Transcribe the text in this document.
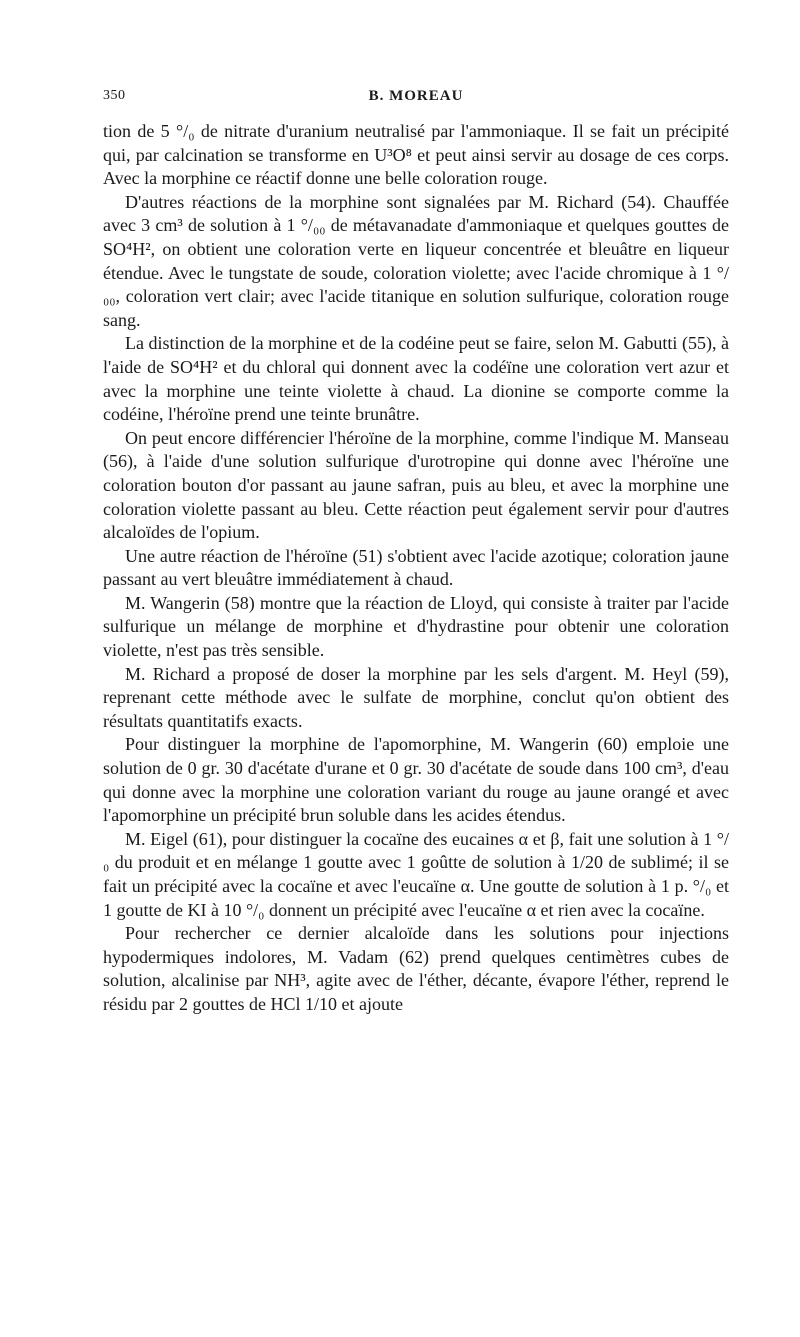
350	B. MOREAU

tion de 5 °/₀ de nitrate d'uranium neutralisé par l'ammoniaque. Il se fait un précipité qui, par calcination se transforme en U³O⁸ et peut ainsi servir au dosage de ces corps. Avec la morphine ce réactif donne une belle coloration rouge.

D'autres réactions de la morphine sont signalées par M. Richard (54). Chauffée avec 3 cm³ de solution à 1 °/₀₀ de métavanadate d'ammoniaque et quelques gouttes de SO⁴H², on obtient une coloration verte en liqueur concentrée et bleuâtre en liqueur étendue. Avec le tungstate de soude, coloration violette; avec l'acide chromique à 1 °/₀₀, coloration vert clair; avec l'acide titanique en solution sulfurique, coloration rouge sang.

La distinction de la morphine et de la codéine peut se faire, selon M. Gabutti (55), à l'aide de SO⁴H² et du chloral qui donnent avec la codéïne une coloration vert azur et avec la morphine une teinte violette à chaud. La dionine se comporte comme la codéine, l'héroïne prend une teinte brunâtre.

On peut encore différencier l'héroïne de la morphine, comme l'indique M. Manseau (56), à l'aide d'une solution sulfurique d'urotropine qui donne avec l'héroïne une coloration bouton d'or passant au jaune safran, puis au bleu, et avec la morphine une coloration violette passant au bleu. Cette réaction peut également servir pour d'autres alcaloïdes de l'opium.

Une autre réaction de l'héroïne (51) s'obtient avec l'acide azotique; coloration jaune passant au vert bleuâtre immédiatement à chaud.

M. Wangerin (58) montre que la réaction de Lloyd, qui consiste à traiter par l'acide sulfurique un mélange de morphine et d'hydrastine pour obtenir une coloration violette, n'est pas très sensible.

M. Richard a proposé de doser la morphine par les sels d'argent. M. Heyl (59), reprenant cette méthode avec le sulfate de morphine, conclut qu'on obtient des résultats quantitatifs exacts.

Pour distinguer la morphine de l'apomorphine, M. Wangerin (60) emploie une solution de 0 gr. 30 d'acétate d'urane et 0 gr. 30 d'acétate de soude dans 100 cm³, d'eau qui donne avec la morphine une coloration variant du rouge au jaune orangé et avec l'apomorphine un précipité brun soluble dans les acides étendus.

M. Eigel (61), pour distinguer la cocaïne des eucaines α et β, fait une solution à 1 °/₀ du produit et en mélange 1 goutte avec 1 goûtte de solution à 1/20 de sublimé; il se fait un précipité avec la cocaïne et avec l'eucaïne α. Une goutte de solution à 1 p. °/₀ et 1 goutte de KI à 10 °/₀ donnent un précipité avec l'eucaïne α et rien avec la cocaïne.

Pour rechercher ce dernier alcaloïde dans les solutions pour injections hypodermiques indolores, M. Vadam (62) prend quelques centimètres cubes de solution, alcalinise par NH³, agite avec de l'éther, décante, évapore l'éther, reprend le résidu par 2 gouttes de HCl 1/10 et ajoute
